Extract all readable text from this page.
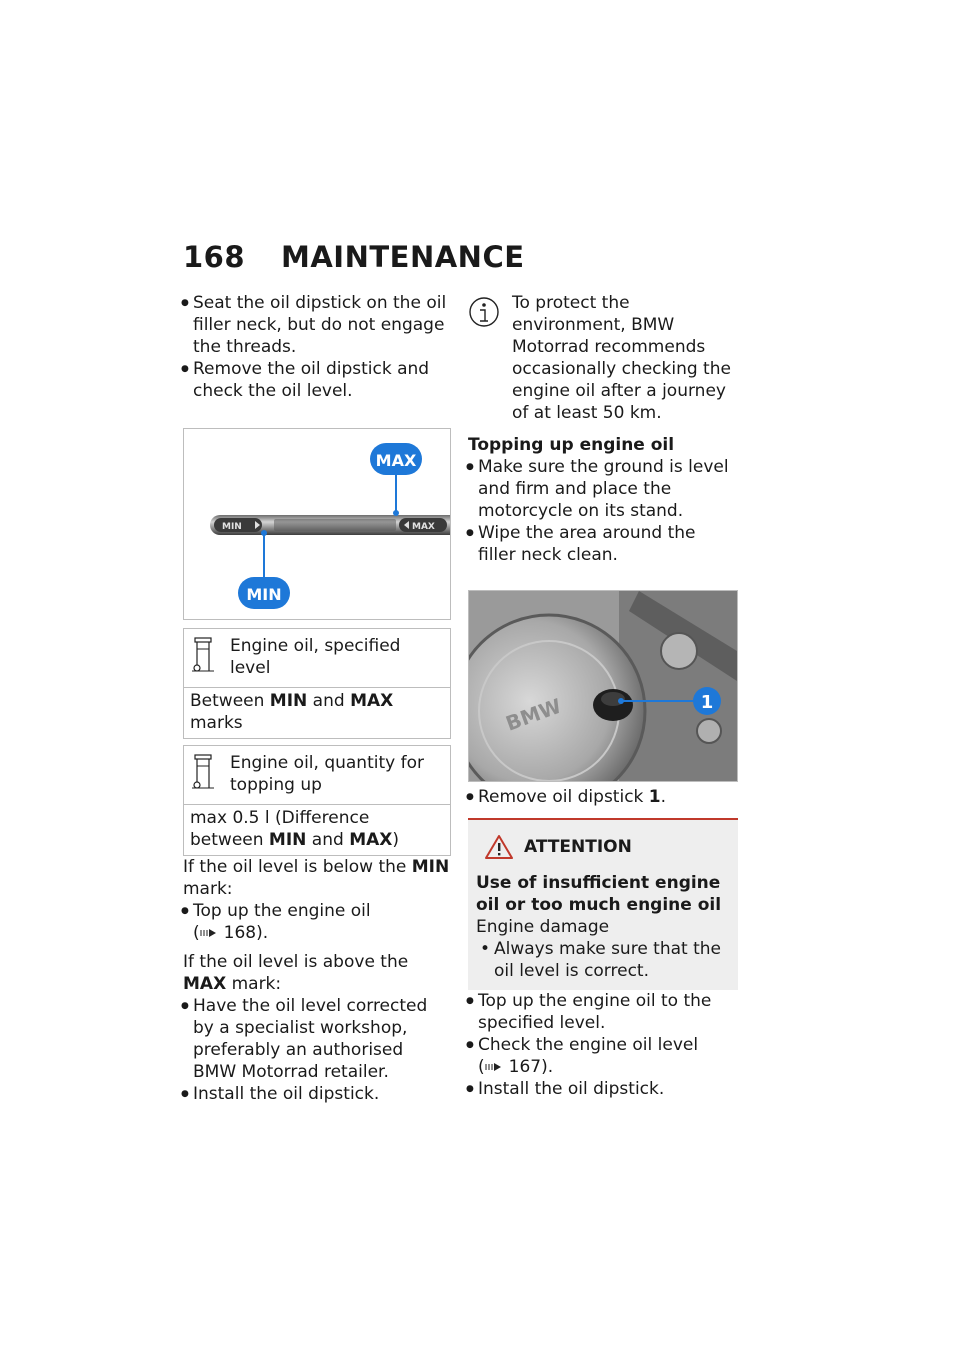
168 MAINTENANCE
● Seat the oil dipstick on the oil filler neck, but do not engage the threads.
● Remove the oil dipstick and check the oil level.
MIN	MAX
MAX
MIN
Engine oil, specified level
Between MIN and MAX marks
Engine oil, quantity for topping up
max 0.5 l (Difference between MIN and MAX)

If the oil level is below the MIN mark:

● Top up the engine oil
( 168).

If the oil level is above the MAX mark:

● Have the oil level corrected by a specialist workshop, preferably an authorised BMW Motorrad retailer.
● Install the oil dipstick.

To protect the environment, BMW Motorrad recommends occasionally checking the engine oil after a journey of at least 50 km.

Topping up engine oil

● Make sure the ground is level and firm and place the motorcycle on its stand.
● Wipe the area around the filler neck clean.
BMW	1
● Remove oil dipstick 1.
ATTENTION

Use of insufficient engine oil or too much engine oil

Engine damage

• Always make sure that the oil level is correct.
● Top up the engine oil to the specified level.
● Check the engine oil level
( 167).
● Install the oil dipstick.
